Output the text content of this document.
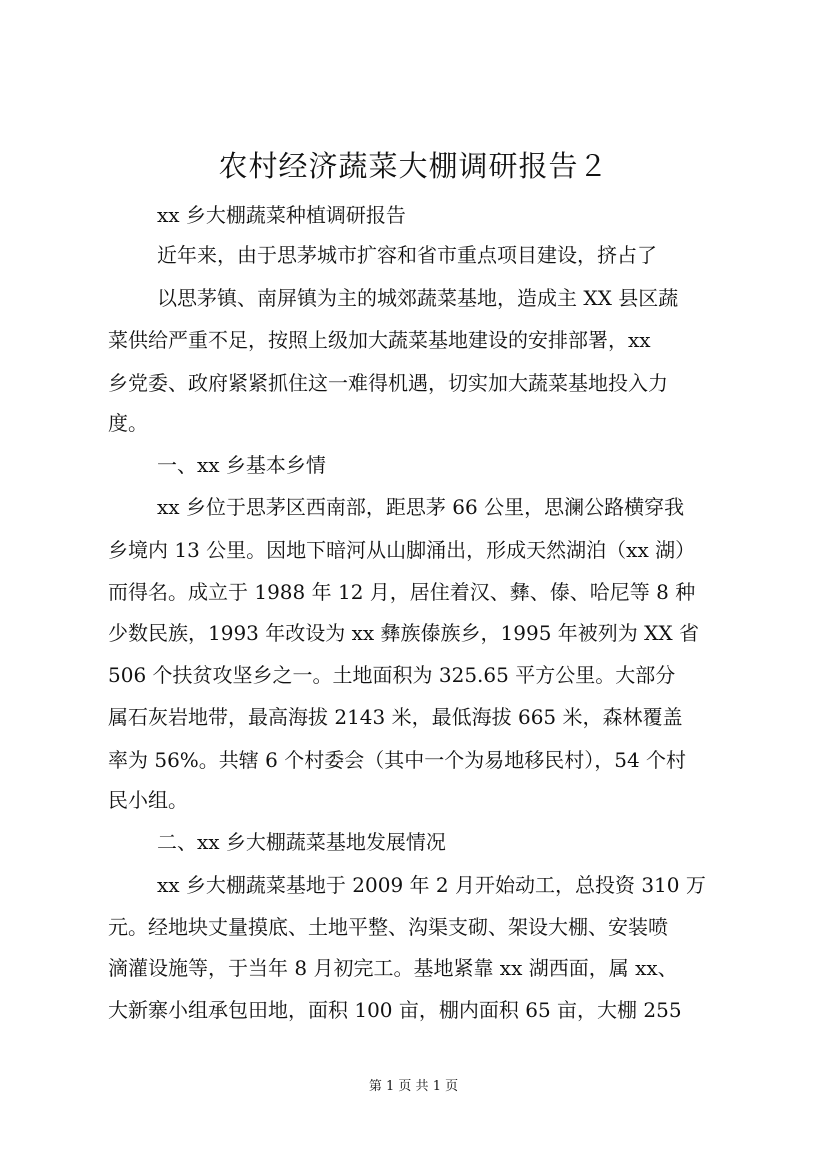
农村经济蔬菜大棚调研报告２
xx 乡大棚蔬菜种植调研报告
近年来，由于思茅城市扩容和省市重点项目建设，挤占了
以思茅镇、南屏镇为主的城郊蔬菜基地，造成主 XX 县区蔬
菜供给严重不足，按照上级加大蔬菜基地建设的安排部署，xx
乡党委、政府紧紧抓住这一难得机遇，切实加大蔬菜基地投入力
度。
一、xx 乡基本乡情
xx 乡位于思茅区西南部，距思茅 66 公里，思澜公路横穿我
乡境内 13 公里。因地下暗河从山脚涌出，形成天然湖泊（xx 湖）
而得名。成立于 1988 年 12 月，居住着汉、彝、傣、哈尼等 8 种
少数民族，1993 年改设为 xx 彝族傣族乡，1995 年被列为 XX 省
506 个扶贫攻坚乡之一。土地面积为 325.65 平方公里。大部分
属石灰岩地带，最高海拔 2143 米，最低海拔 665 米，森林覆盖
率为 56%。共辖 6 个村委会（其中一个为易地移民村），54 个村
民小组。
二、xx 乡大棚蔬菜基地发展情况
xx 乡大棚蔬菜基地于 2009 年 2 月开始动工，总投资 310 万
元。经地块丈量摸底、土地平整、沟渠支砌、架设大棚、安装喷
滴灌设施等，于当年 8 月初完工。基地紧靠 xx 湖西面，属 xx、
大新寨小组承包田地，面积 100 亩，棚内面积 65 亩，大棚 255
第 1 页 共 1 页
